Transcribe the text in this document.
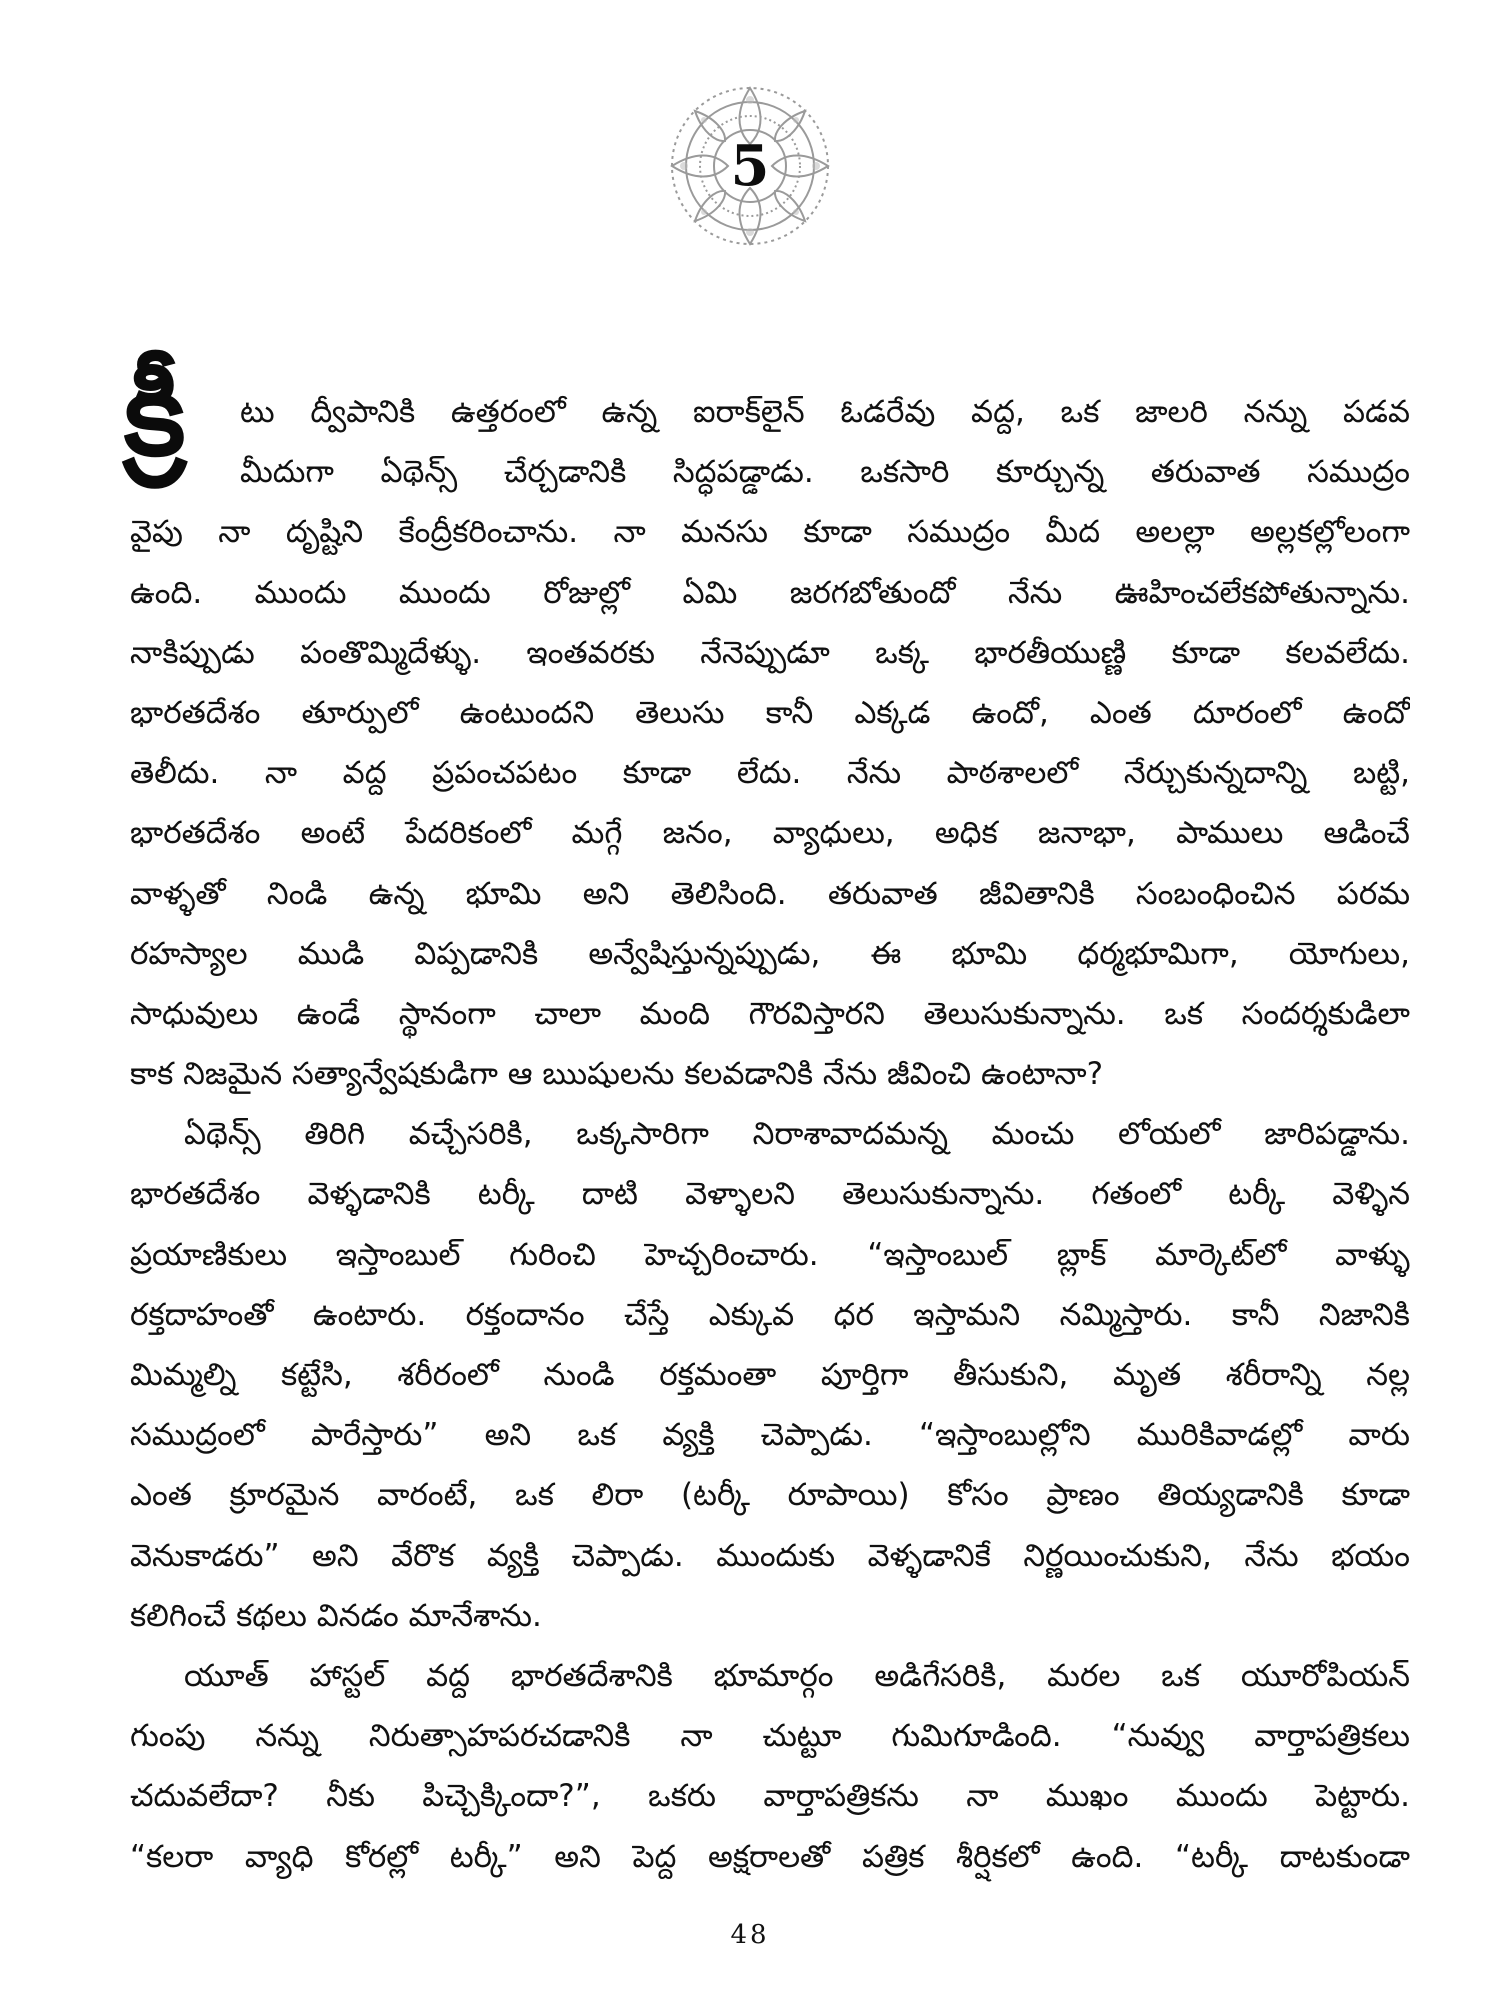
5
క్రీ	టు ద్వీపానికి ఉత్తరంలో ఉన్న ఐరాక్‌లైన్ ఓడరేవు వద్ద, ఒక జాలరి నన్ను పడవ
మీదుగా ఏథెన్స్ చేర్చడానికి సిద్ధపడ్డాడు. ఒకసారి కూర్చున్న తరువాత సముద్రం
వైపు నా దృష్టిని కేంద్రీకరించాను. నా మనసు కూడా సముద్రం మీద అలల్లా అల్లకల్లోలంగా
ఉంది. ముందు ముందు రోజుల్లో ఏమి జరగబోతుందో నేను ఊహించలేకపోతున్నాను.
నాకిప్పుడు పంతొమ్మిదేళ్ళు. ఇంతవరకు నేనెప్పుడూ ఒక్క భారతీయుణ్ణి కూడా కలవలేదు.
భారతదేశం తూర్పులో ఉంటుందని తెలుసు కానీ ఎక్కడ ఉందో, ఎంత దూరంలో ఉందో
తెలీదు. నా వద్ద ప్రపంచపటం కూడా లేదు. నేను పాఠశాలలో నేర్చుకున్నదాన్ని బట్టి,
భారతదేశం అంటే పేదరికంలో మగ్గే జనం, వ్యాధులు, అధిక జనాభా, పాములు ఆడించే
వాళ్ళతో నిండి ఉన్న భూమి అని తెలిసింది. తరువాత జీవితానికి సంబంధించిన పరమ
రహస్యాల ముడి విప్పడానికి అన్వేషిస్తున్నప్పుడు, ఈ భూమి ధర్మభూమిగా, యోగులు,
సాధువులు ఉండే స్థానంగా చాలా మంది గౌరవిస్తారని తెలుసుకున్నాను. ఒక సందర్శకుడిలా
కాక నిజమైన సత్యాన్వేషకుడిగా ఆ ఋషులను కలవడానికి నేను జీవించి ఉంటానా?
ఏథెన్స్ తిరిగి వచ్చేసరికి, ఒక్కసారిగా నిరాశావాదమన్న మంచు లోయలో జారిపడ్డాను.
భారతదేశం వెళ్ళడానికి టర్కీ దాటి వెళ్ళాలని తెలుసుకున్నాను. గతంలో టర్కీ వెళ్ళిన
ప్రయాణికులు ఇస్తాంబుల్ గురించి హెచ్చరించారు. “ఇస్తాంబుల్ బ్లాక్ మార్కెట్‌లో వాళ్ళు
రక్తదాహంతో ఉంటారు. రక్తందానం చేస్తే ఎక్కువ ధర ఇస్తామని నమ్మిస్తారు. కానీ నిజానికి
మిమ్మల్ని కట్టేసి, శరీరంలో నుండి రక్తమంతా పూర్తిగా తీసుకుని, మృత శరీరాన్ని నల్ల
సముద్రంలో పారేస్తారు” అని ఒక వ్యక్తి చెప్పాడు. “ఇస్తాంబుల్లోని మురికివాడల్లో వారు
ఎంత క్రూరమైన వారంటే, ఒక లిరా (టర్కీ రూపాయి) కోసం ప్రాణం తియ్యడానికి కూడా
వెనుకాడరు” అని వేరొక వ్యక్తి చెప్పాడు. ముందుకు వెళ్ళడానికే నిర్ణయించుకుని, నేను భయం
కలిగించే కథలు వినడం మానేశాను.
యూత్ హాస్టల్ వద్ద భారతదేశానికి భూమార్గం అడిగేసరికి, మరల ఒక యూరోపియన్
గుంపు నన్ను నిరుత్సాహపరచడానికి నా చుట్టూ గుమిగూడింది. “నువ్వు వార్తాపత్రికలు
చదువలేదా? నీకు పిచ్చెక్కిందా?”, ఒకరు వార్తాపత్రికను నా ముఖం ముందు పెట్టారు.
“కలరా వ్యాధి కోరల్లో టర్కీ” అని పెద్ద అక్షరాలతో పత్రిక శీర్షికలో ఉంది. “టర్కీ దాటకుండా
48
